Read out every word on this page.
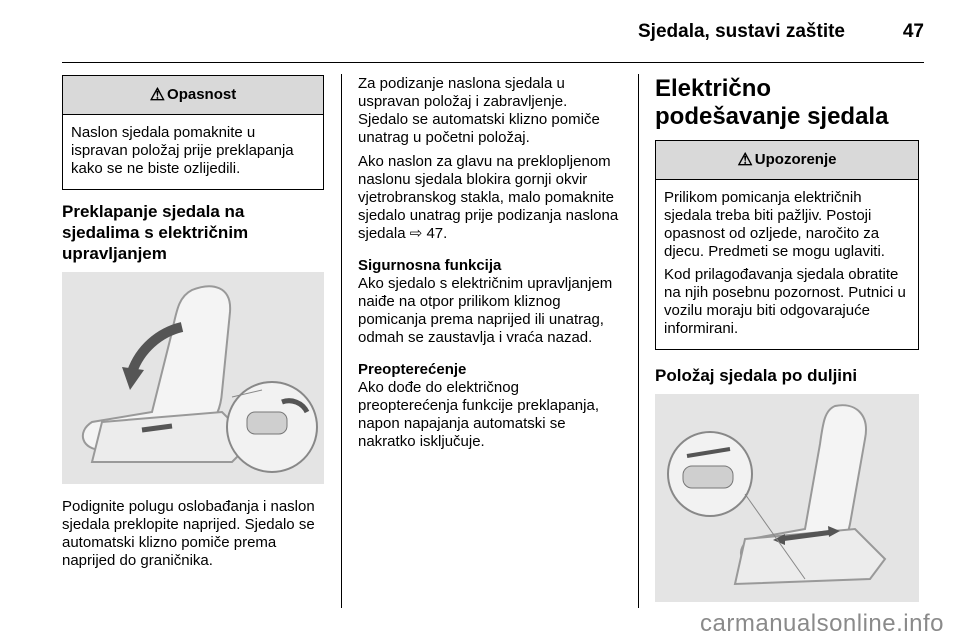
Sjedala, sustavi zaštite	47
⚠ Opasnost

Naslon sjedala pomaknite u ispravan položaj prije preklapanja kako se ne biste ozlijedili.

Preklapanje sjedala na sjedalima s električnim upravljanjem

Podignite polugu oslobađanja i naslon sjedala preklopite naprijed. Sjedalo se automatski klizno pomiče prema naprijed do graničnika.

Za podizanje naslona sjedala u uspravan položaj i zabravljenje. Sjedalo se automatski klizno pomiče unatrag u početni položaj.

Ako naslon za glavu na preklopljenom naslonu sjedala blokira gornji okvir vjetrobranskog stakla, malo pomaknite sjedalo unatrag prije podizanja naslona sjedala ⇨ 47.

Sigurnosna funkcija
Ako sjedalo s električnim upravljanjem naiđe na otpor prilikom kliznog pomicanja prema naprijed ili unatrag, odmah se zaustavlja i vraća nazad.

Preopterećenje
Ako dođe do električnog preopterećenja funkcije preklapanja, napon napajanja automatski se nakratko isključuje.

Električno podešavanje sjedala
⚠ Upozorenje

Prilikom pomicanja električnih sjedala treba biti pažljiv. Postoji opasnost od ozljede, naročito za djecu. Predmeti se mogu uglaviti.

Kod prilagođavanja sjedala obratite na njih posebnu pozornost. Putnici u vozilu moraju biti odgovarajuće informirani.

Položaj sjedala po duljini
carmanualsonline.info
